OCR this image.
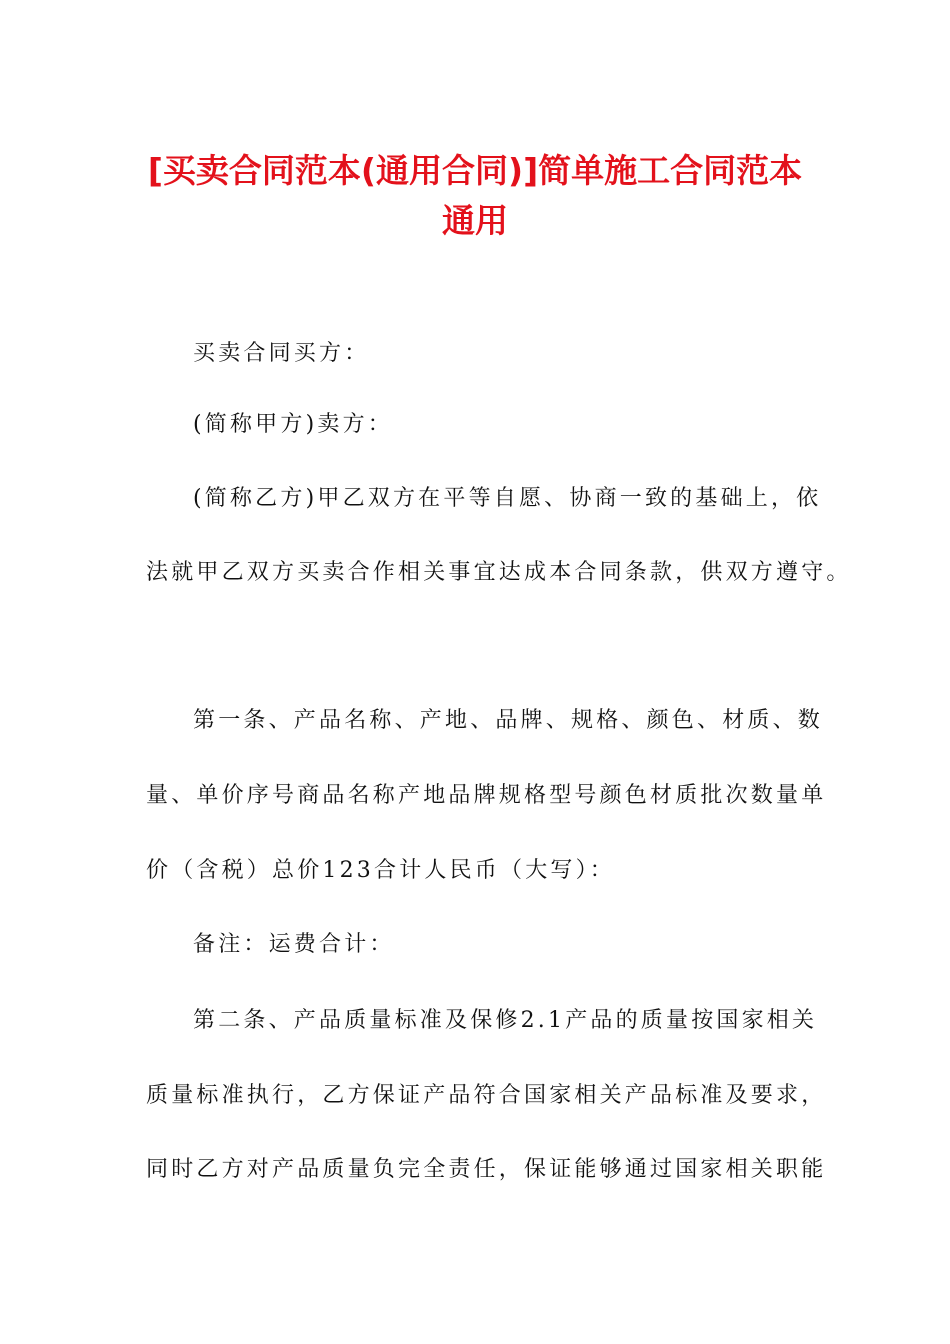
[买卖合同范本(通用合同)]简单施工合同范本通用
买卖合同买方：
(简称甲方)卖方：
(简称乙方)甲乙双方在平等自愿、协商一致的基础上，依
法就甲乙双方买卖合作相关事宜达成本合同条款，供双方遵守。
第一条、产品名称、产地、品牌、规格、颜色、材质、数
量、单价序号商品名称产地品牌规格型号颜色材质批次数量单
价（含税）总价123合计人民币（大写）：
备注：运费合计：
第二条、产品质量标准及保修2.1产品的质量按国家相关
质量标准执行，乙方保证产品符合国家相关产品标准及要求，
同时乙方对产品质量负完全责任，保证能够通过国家相关职能
